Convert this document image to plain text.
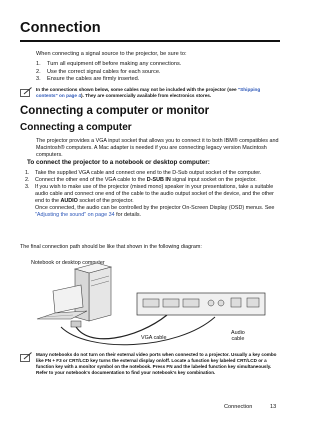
Connection
When connecting a signal source to the projector, be sure to:
1.	Turn all equipment off before making any connections.
2.	Use the correct signal cables for each source.
3.	Ensure the cables are firmly inserted.
In the connections shown below, some cables may not be included with the projector (see "Shipping contents" on page 4). They are commercially available from electronics stores.
Connecting a computer or monitor
Connecting a computer
The projector provides a VGA input socket that allows you to connect it to both IBM® compatibles and Macintosh® computers. A Mac adapter is needed if you are connecting legacy version Macintosh computers.
To connect the projector to a notebook or desktop computer:
1.	Take the supplied VGA cable and connect one end to the D-Sub output socket of the computer.
2.	Connect the other end of the VGA cable to the D-SUB IN signal input socket on the projector.
3.	If you wish to make use of the projector (mixed mono) speaker in your presentations, take a suitable audio cable and connect one end of the cable to the audio output socket of the device, and the other end to the AUDIO socket of the projector.
Once connected, the audio can be controlled by the projector On-Screen Display (OSD) menus. See "Adjusting the sound" on page 34 for details.
The final connection path should be like that shown in the following diagram:
Notebook or desktop computer
VGA cable
Audio
cable
Many notebooks do not turn on their external video ports when connected to a projector. Usually a key combo like FN + F3 or CRT/LCD key turns the external display on/off. Locate a function key labeled CRT/LCD or a function key with a monitor symbol on the notebook. Press FN and the labeled function key simultaneously. Refer to your notebook's documentation to find your notebook's key combination.
Connection	13
